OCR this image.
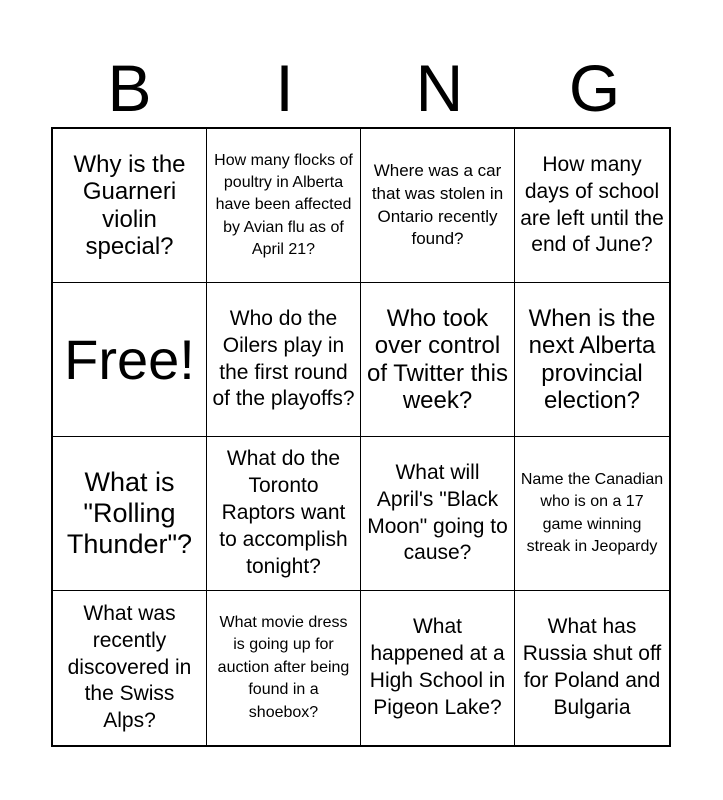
B	I	N	G
Why is the Guarneri violin special?
How many flocks of poultry in Alberta have been affected by Avian flu as of April 21?
Where was a car that was stolen in Ontario recently found?
How many days of school are left until the end of June?
Free!
Who do the Oilers play in the first round of the playoffs?
Who took over control of Twitter this week?
When is the next Alberta provincial election?
What is "Rolling Thunder"?
What do the Toronto Raptors want to accomplish tonight?
What will April's "Black Moon" going to cause?
Name the Canadian who is on a 17 game winning streak in Jeopardy
What was recently discovered in the Swiss Alps?
What movie dress is going up for auction after being found in a shoebox?
What happened at a High School in Pigeon Lake?
What has Russia shut off for Poland and Bulgaria
